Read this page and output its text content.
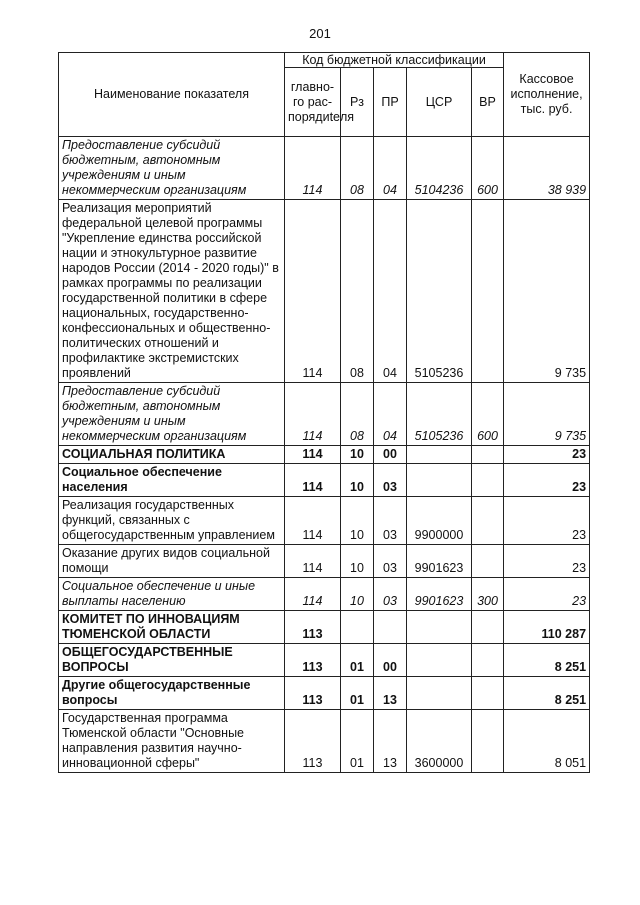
201
Наименование показателя	Код бюджетной классификации					Кассовое исполнение, тыс. руб.
	главно-го рас-порядиteля	Рз	ПР	ЦСР	ВР	
Предоставление субсидий бюджетным, автономным учреждениям и иным некоммерческим организациям	114	08	04	5104236	600	38 939
Реализация мероприятий федеральной целевой программы "Укрепление единства российской нации и этнокультурное развитие народов России (2014 - 2020 годы)" в рамках программы по реализации государственной политики в сфере национальных, государственно-конфессиональных и общественно-политических отношений и профилактике экстремистских проявлений	114	08	04	5105236		9 735
Предоставление субсидий бюджетным, автономным учреждениям и иным некоммерческим организациям	114	08	04	5105236	600	9 735
СОЦИАЛЬНАЯ ПОЛИТИКА	114	10	00			23
Социальное обеспечение населения	114	10	03			23
Реализация государственных функций, связанных с общегосударственным управлением	114	10	03	9900000		23
Оказание других видов социальной помощи	114	10	03	9901623		23
Социальное обеспечение и иные выплаты населению	114	10	03	9901623	300	23
КОМИТЕТ ПО ИННОВАЦИЯМ ТЮМЕНСКОЙ ОБЛАСТИ	113					110 287
ОБЩЕГОСУДАРСТВЕННЫЕ ВОПРОСЫ	113	01	00			8 251
Другие общегосударственные вопросы	113	01	13			8 251
Государственная программа Тюменской области "Основные направления развития научно-инновационной сферы"	113	01	13	3600000		8 051
